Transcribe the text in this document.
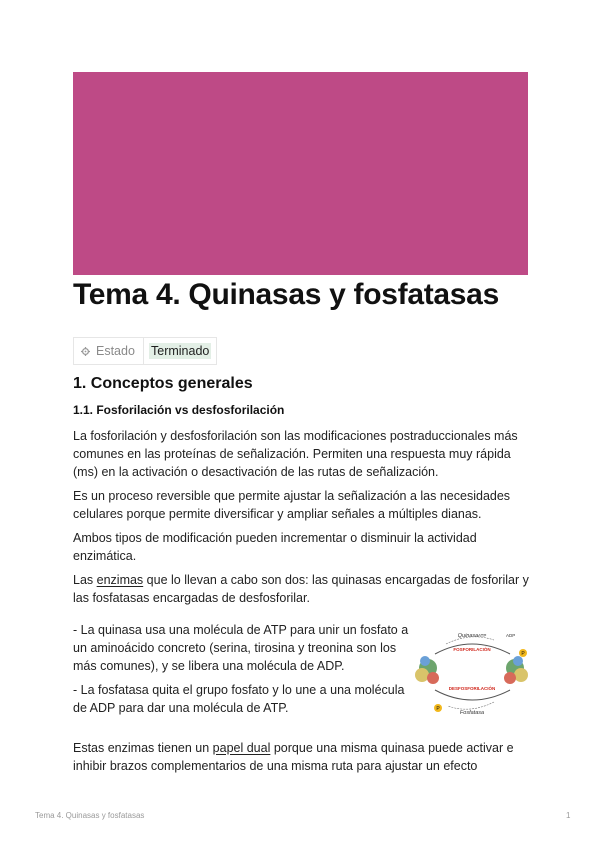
Tema 4. Quinasas y fosfatasas
Estado Terminado
1. Conceptos generales
1.1. Fosforilación vs desfosforilación

La fosforilación y desfosforilación son las modificaciones postraduccionales más comunes en las proteínas de señalización. Permiten una respuesta muy rápida (ms) en la activación o desactivación de las rutas de señalización.

Es un proceso reversible que permite ajustar la señalización a las necesidades celulares porque permite diversificar y ampliar señales a múltiples dianas.

Ambos tipos de modificación pueden incrementar o disminuir la actividad enzimática.

Las enzimas que lo llevan a cabo son dos: las quinasas encargadas de fosforilar y las fosfatasas encargadas de desfosforilar.

- La quinasa usa una molécula de ATP para unir un fosfato a un aminoácido concreto (serina, tirosina y treonina son los más comunes), y se libera una molécula de ADP.

- La fosfatasa quita el grupo fosfato y lo une a una molécula de ADP para dar una molécula de ATP.

P
P
Quinasa ATP	ADP
FOSFORILACIÓN
DESFOSFORILACIÓN
Fosfatasa

Estas enzimas tienen un papel dual porque una misma quinasa puede activar e inhibir brazos complementarios de una misma ruta para ajustar un efecto

Tema 4. Quinasas y fosfatasas	1
